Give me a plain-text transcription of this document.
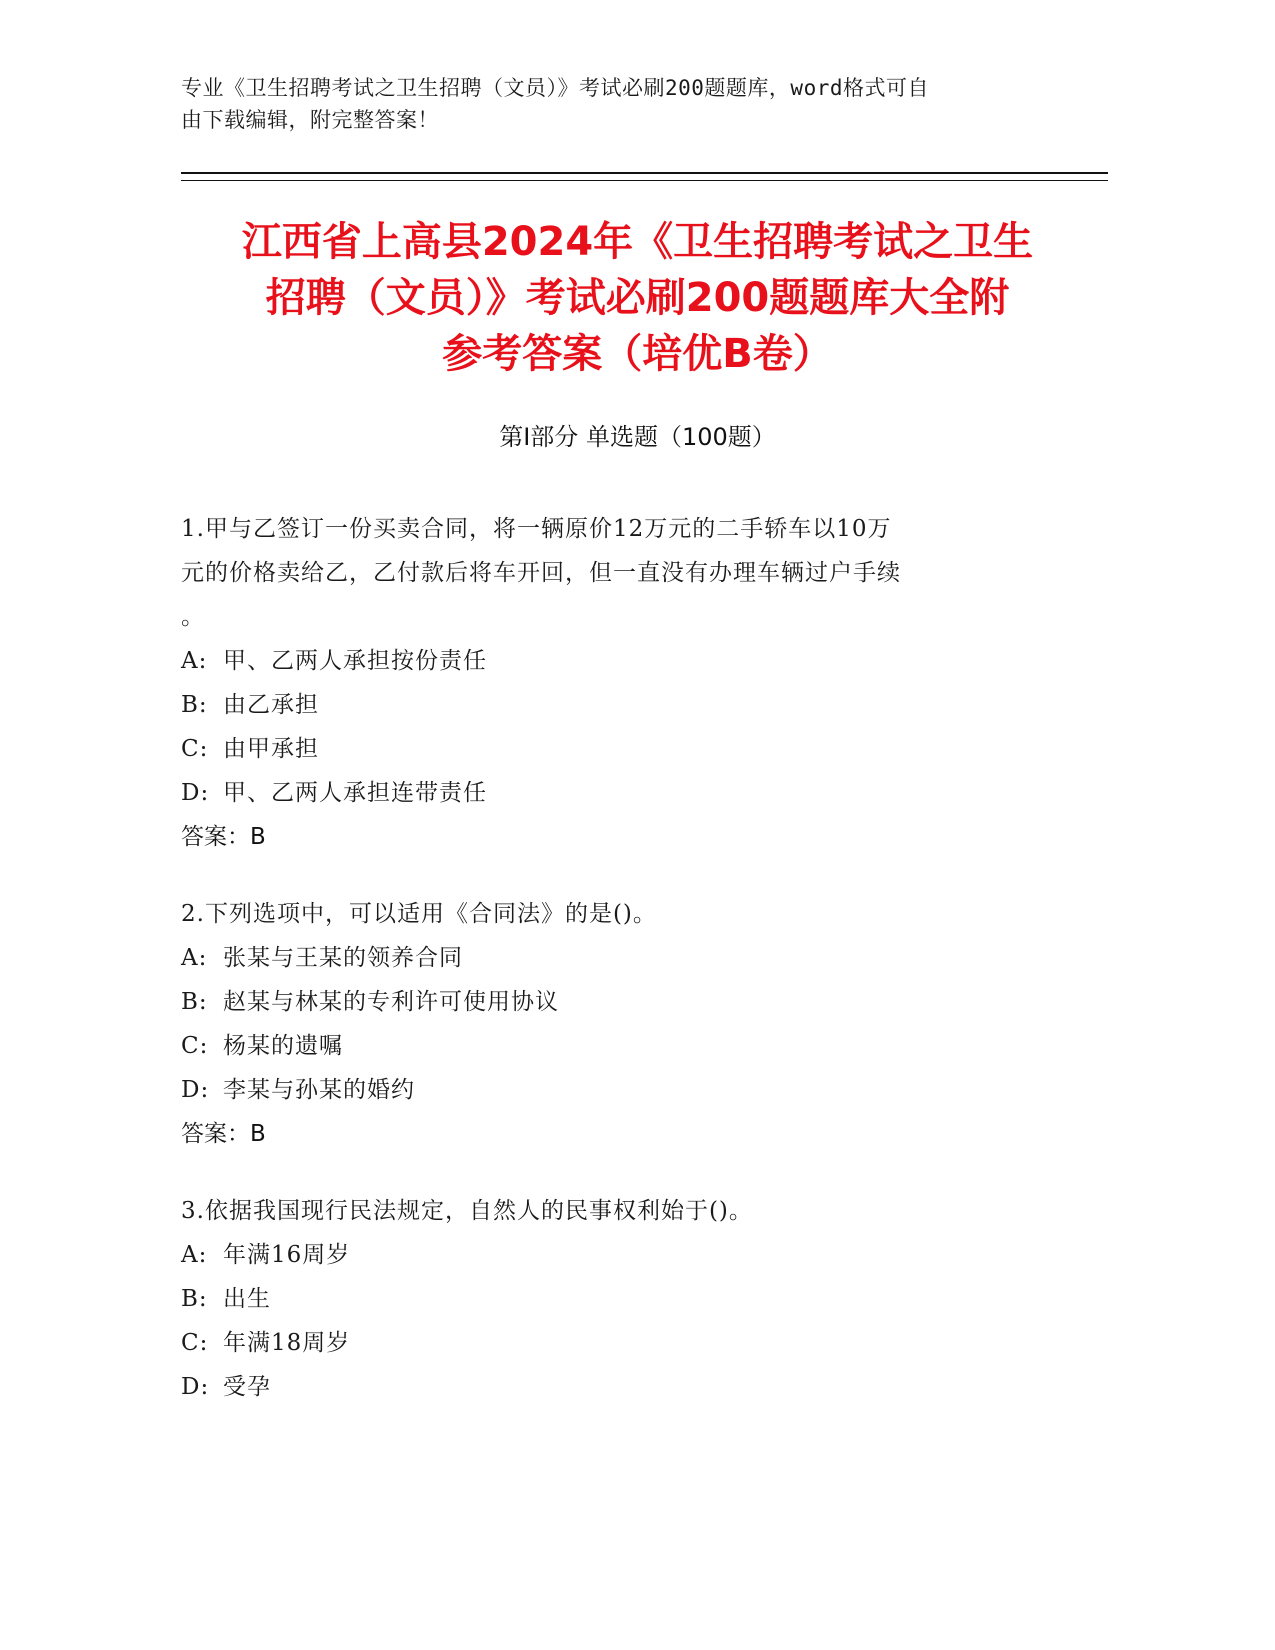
专业《卫生招聘考试之卫生招聘（文员）》考试必刷200题题库，word格式可自
由下载编辑，附完整答案！
江西省上高县2024年《卫生招聘考试之卫生
招聘（文员）》考试必刷200题题库大全附
参考答案（培优B卷）
第Ⅰ部分 单选题（100题）
1.甲与乙签订一份买卖合同，将一辆原价12万元的二手轿车以10万
元的价格卖给乙，乙付款后将车开回，但一直没有办理车辆过户手续
。
A: 甲、乙两人承担按份责任
B: 由乙承担
C: 由甲承担
D: 甲、乙两人承担连带责任
答案：B
2.下列选项中，可以适用《合同法》的是()。
A: 张某与王某的领养合同
B: 赵某与林某的专利许可使用协议
C: 杨某的遗嘱
D: 李某与孙某的婚约
答案：B
3.依据我国现行民法规定，自然人的民事权利始于()。
A: 年满16周岁
B: 出生
C: 年满18周岁
D: 受孕
